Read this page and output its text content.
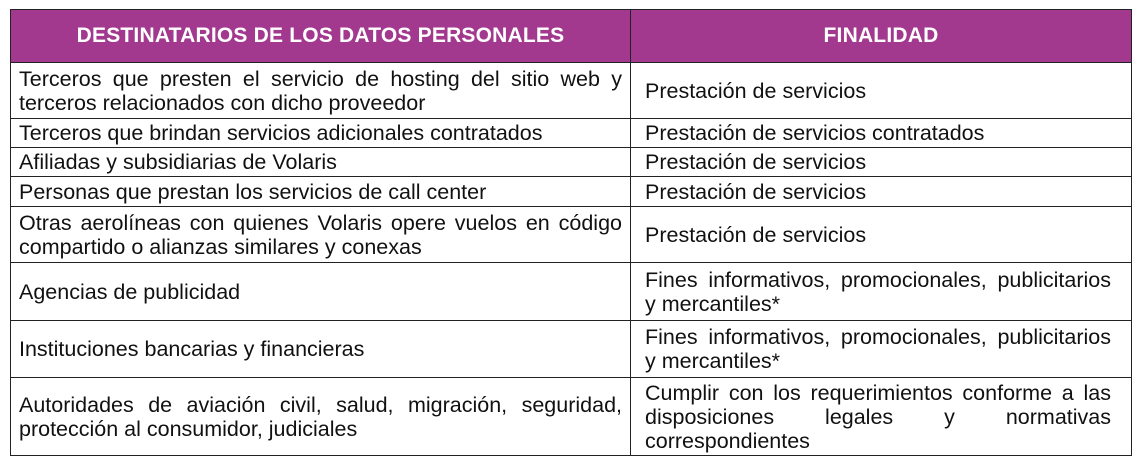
DESTINATARIOS DE LOS DATOS PERSONALES	FINALIDAD
Terceros que presten el servicio de hosting del sitio web y terceros relacionados con dicho proveedor	Prestación de servicios
Terceros que brindan servicios adicionales contratados	Prestación de servicios contratados
Afiliadas y subsidiarias de Volaris	Prestación de servicios
Personas que prestan los servicios de call center	Prestación de servicios
Otras aerolíneas con quienes Volaris opere vuelos en código compartido o alianzas similares y conexas	Prestación de servicios
Agencias de publicidad	Fines informativos, promocionales, publicitarios y mercantiles*
Instituciones bancarias y financieras	Fines informativos, promocionales, publicitarios y mercantiles*
Autoridades de aviación civil, salud, migración, seguridad, protección al consumidor, judiciales	Cumplir con los requerimientos conforme a las disposiciones legales y normativas correspondientes
